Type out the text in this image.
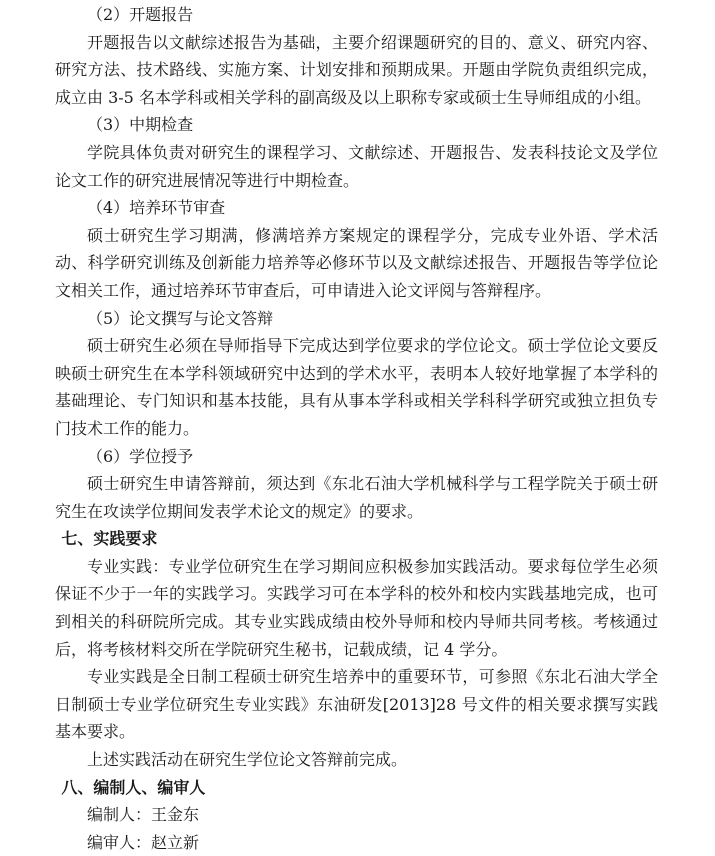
（2）开题报告

开题报告以文献综述报告为基础，主要介绍课题研究的目的、意义、研究内容、研究方法、技术路线、实施方案、计划安排和预期成果。开题由学院负责组织完成，成立由 3-5 名本学科或相关学科的副高级及以上职称专家或硕士生导师组成的小组。

（3）中期检查

学院具体负责对研究生的课程学习、文献综述、开题报告、发表科技论文及学位论文工作的研究进展情况等进行中期检查。

（4）培养环节审查

硕士研究生学习期满，修满培养方案规定的课程学分，完成专业外语、学术活动、科学研究训练及创新能力培养等必修环节以及文献综述报告、开题报告等学位论文相关工作，通过培养环节审查后，可申请进入论文评阅与答辩程序。

（5）论文撰写与论文答辩

硕士研究生必须在导师指导下完成达到学位要求的学位论文。硕士学位论文要反映硕士研究生在本学科领域研究中达到的学术水平，表明本人较好地掌握了本学科的基础理论、专门知识和基本技能，具有从事本学科或相关学科科学研究或独立担负专门技术工作的能力。

（6）学位授予

硕士研究生申请答辩前，须达到《东北石油大学机械科学与工程学院关于硕士研究生在攻读学位期间发表学术论文的规定》的要求。

七、实践要求

专业实践：专业学位研究生在学习期间应积极参加实践活动。要求每位学生必须保证不少于一年的实践学习。实践学习可在本学科的校外和校内实践基地完成，也可到相关的科研院所完成。其专业实践成绩由校外导师和校内导师共同考核。考核通过后，将考核材料交所在学院研究生秘书，记载成绩，记 4 学分。

专业实践是全日制工程硕士研究生培养中的重要环节，可参照《东北石油大学全日制硕士专业学位研究生专业实践》东油研发[2013]28 号文件的相关要求撰写实践基本要求。

上述实践活动在研究生学位论文答辩前完成。

八、编制人、编审人

编制人：王金东

编审人：赵立新
